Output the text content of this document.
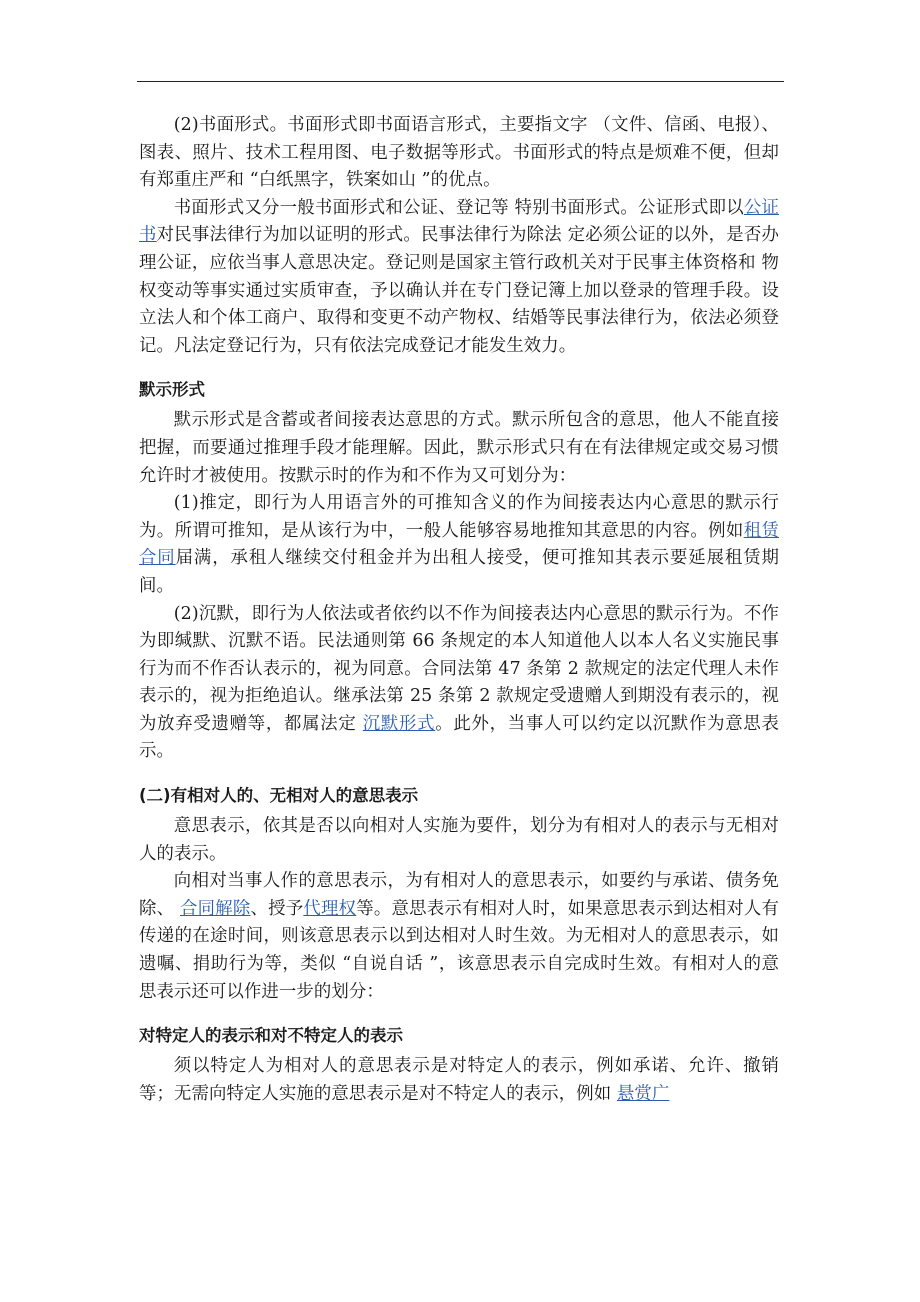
(2)书面形式。书面形式即书面语言形式，主要指文字 （文件、信函、电报）、图表、照片、技术工程用图、电子数据等形式。书面形式的特点是烦难不便，但却有郑重庄严和 “白纸黑字，铁案如山 ”的优点。

书面形式又分一般书面形式和公证、登记等 特别书面形式。公证形式即以公证书对民事法律行为加以证明的形式。民事法律行为除法 定必须公证的以外，是否办理公证，应依当事人意思决定。登记则是国家主管行政机关对于民事主体资格和 物权变动等事实通过实质审查，予以确认并在专门登记簿上加以登录的管理手段。设立法人和个体工商户、取得和变更不动产物权、结婚等民事法律行为，依法必须登记。凡法定登记行为，只有依法完成登记才能发生效力。

默示形式

默示形式是含蓄或者间接表达意思的方式。默示所包含的意思，他人不能直接把握，而要通过推理手段才能理解。因此，默示形式只有在有法律规定或交易习惯允许时才被使用。按默示时的作为和不作为又可划分为：

(1)推定，即行为人用语言外的可推知含义的作为间接表达内心意思的默示行为。所谓可推知，是从该行为中，一般人能够容易地推知其意思的内容。例如租赁合同届满，承租人继续交付租金并为出租人接受，便可推知其表示要延展租赁期间。

(2)沉默，即行为人依法或者依约以不作为间接表达内心意思的默示行为。不作为即缄默、沉默不语。民法通则第 66 条规定的本人知道他人以本人名义实施民事行为而不作否认表示的，视为同意。合同法第 47 条第 2 款规定的法定代理人未作表示的，视为拒绝追认。继承法第 25 条第 2 款规定受遗赠人到期没有表示的，视为放弃受遗赠等，都属法定 沉默形式。此外，当事人可以约定以沉默作为意思表示。

(二)有相对人的、无相对人的意思表示

意思表示，依其是否以向相对人实施为要件，划分为有相对人的表示与无相对人的表示。

向相对当事人作的意思表示，为有相对人的意思表示，如要约与承诺、债务免除、 合同解除、授予代理权等。意思表示有相对人时，如果意思表示到达相对人有传递的在途时间，则该意思表示以到达相对人时生效。为无相对人的意思表示，如遗嘱、捐助行为等，类似 “自说自话 ”，该意思表示自完成时生效。有相对人的意思表示还可以作进一步的划分：

对特定人的表示和对不特定人的表示

须以特定人为相对人的意思表示是对特定人的表示，例如承诺、允许、撤销等；无需向特定人实施的意思表示是对不特定人的表示，例如 悬赏广
